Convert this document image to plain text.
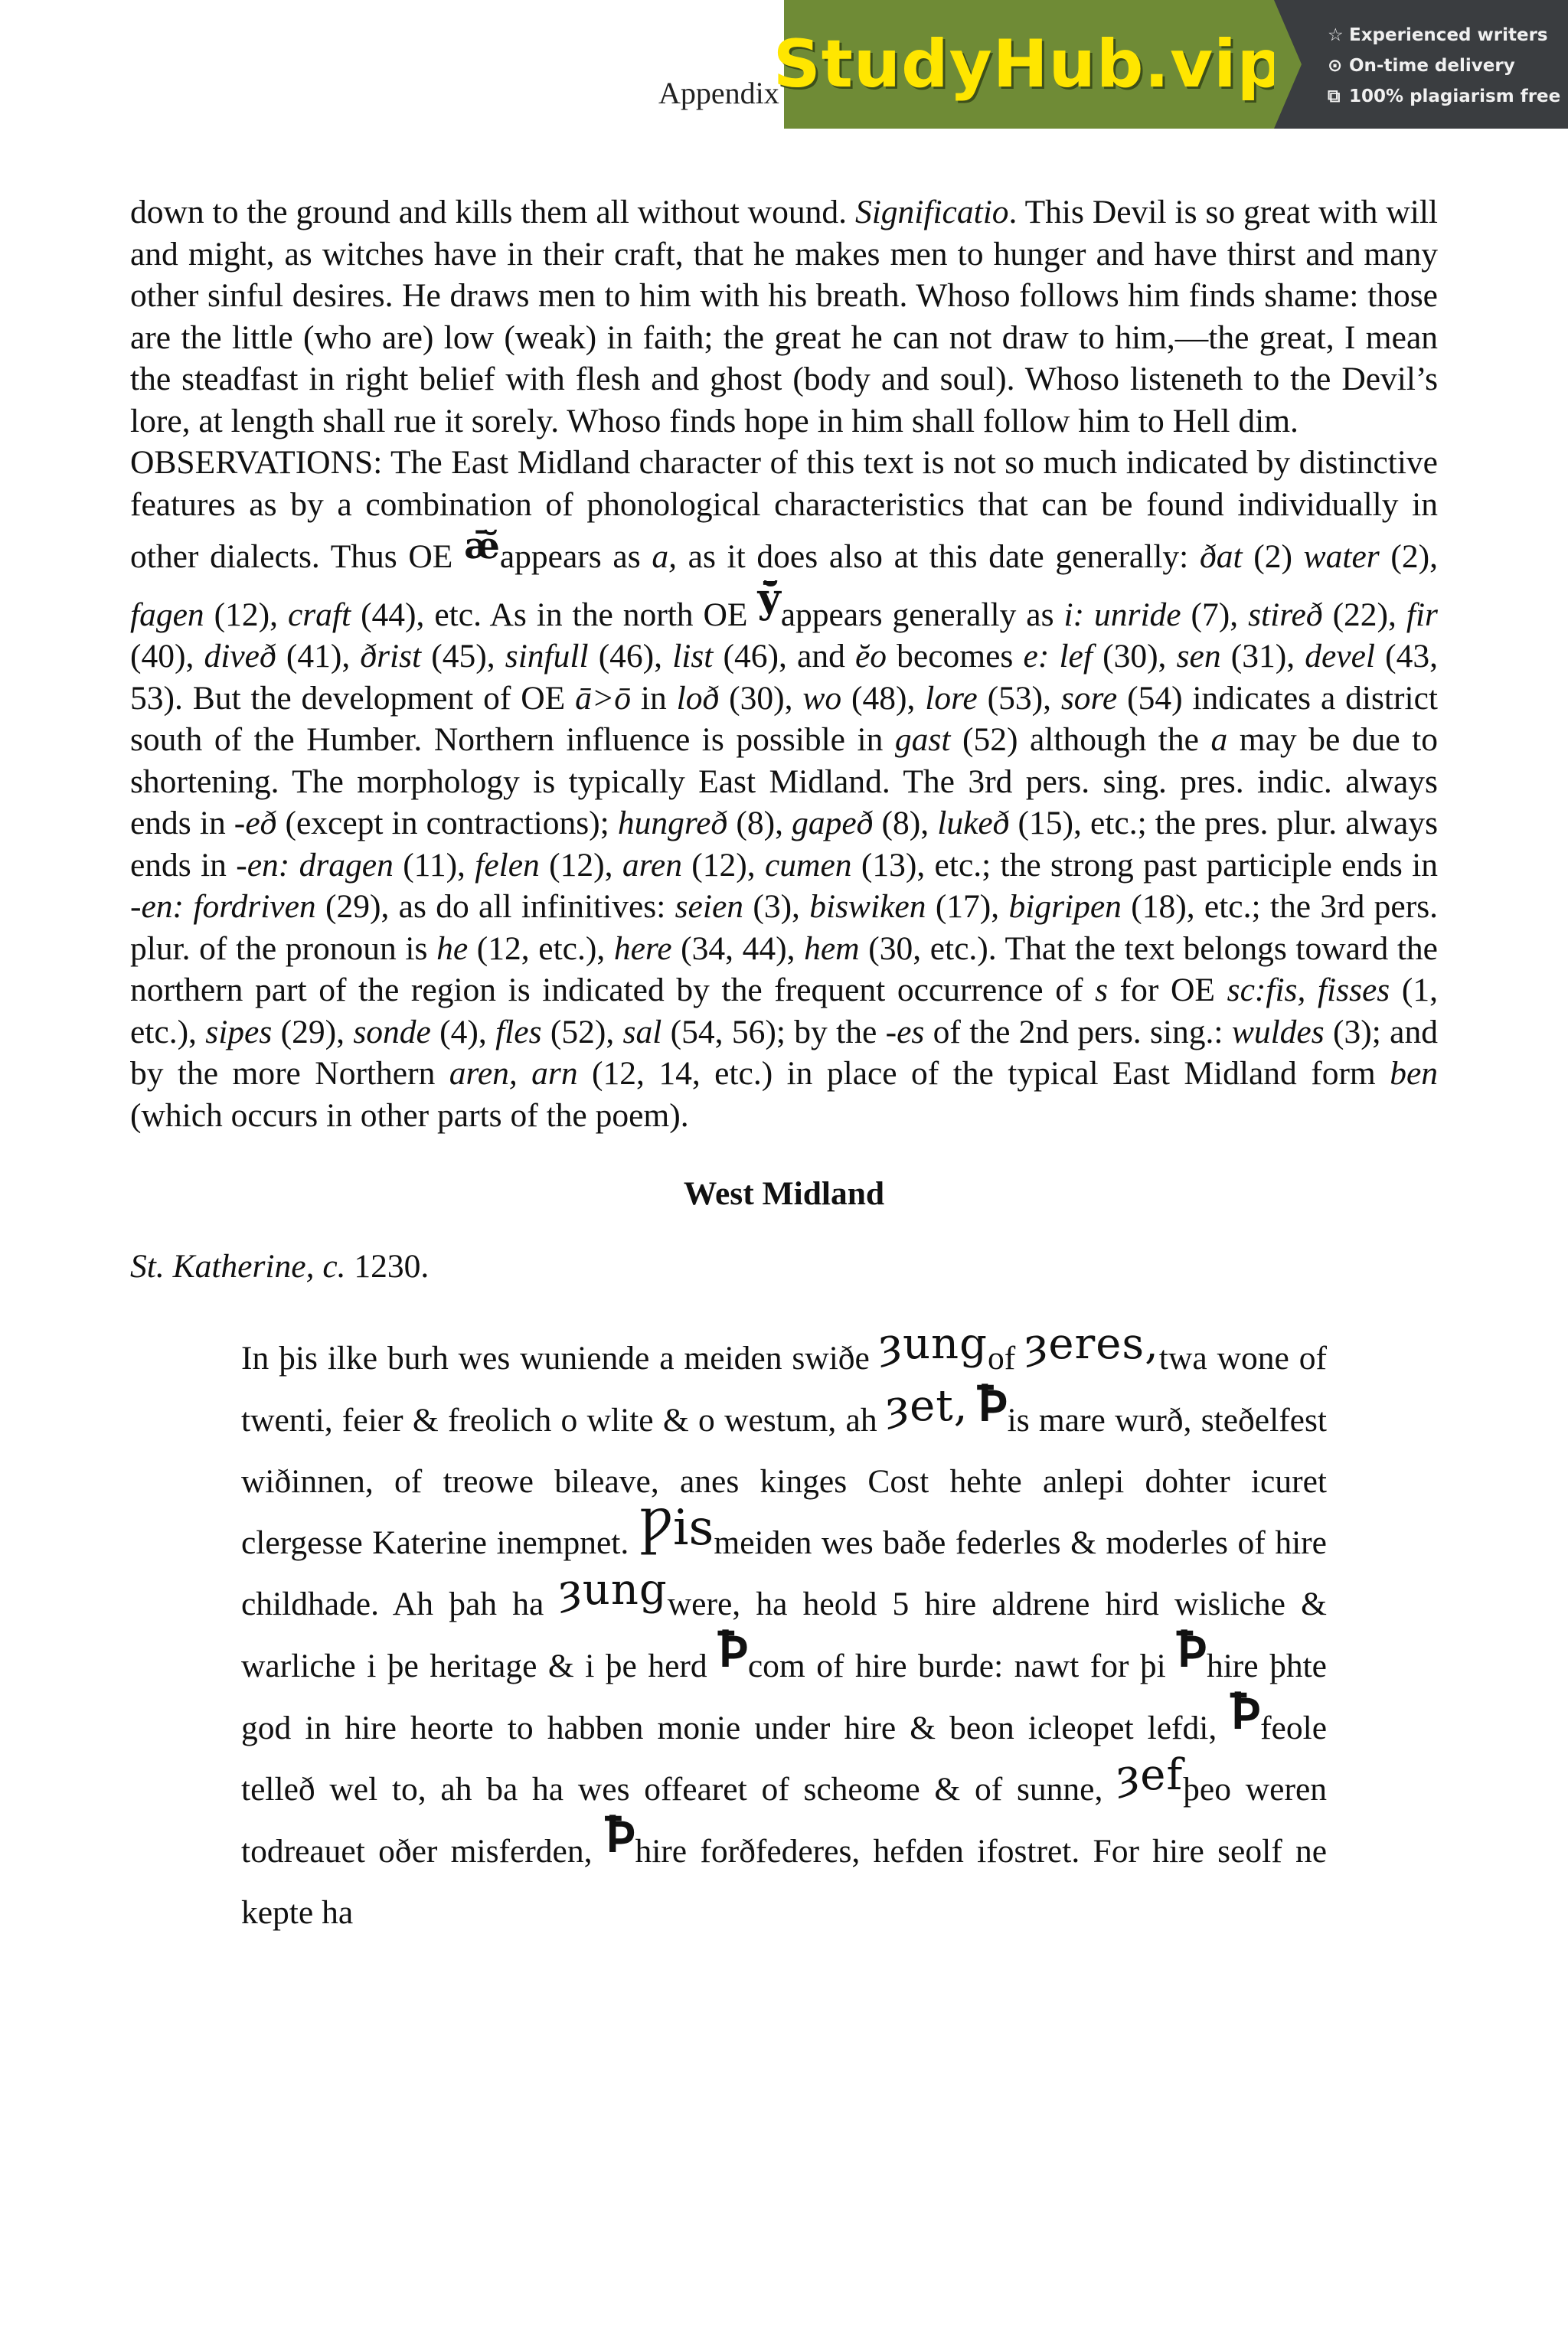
Appendix
StudyHub.vip ☆ Experienced writers
⊙ On-time delivery
⧉ 100% plagiarism free

down to the ground and kills them all without wound. Significatio. This Devil is so great with will and might, as witches have in their craft, that he makes men to hunger and have thirst and many other sinful desires. He draws men to him with his breath. Whoso follows him finds shame: those are the little (who are) low (weak) in faith; the great he can not draw to him,—the great, I mean the steadfast in right belief with flesh and ghost (body and soul). Whoso listeneth to the Devil’s lore, at length shall rue it sorely. Whoso finds hope in him shall follow him to Hell dim.

OBSERVATIONS: The East Midland character of this text is not so much indicated by distinctive features as by a combination of phonological characteristics that can be found individually in other dialects. Thus OE ǣ̆appears as a, as it does also at this date generally: ðat (2) water (2), fagen (12), craft (44), etc. As in the north OE ȳ̆appears generally as i: unride (7), stireð (22), fir (40), diveð (41), ðrist (45), sinfull (46), list (46), and ĕo becomes e: lef (30), sen (31), devel (43, 53). But the development of OE ā>ō in loð (30), wo (48), lore (53), sore (54) indicates a district south of the Humber. Northern influence is possible in gast (52) although the a may be due to shortening. The morphology is typically East Midland. The 3rd pers. sing. pres. indic. always ends in -eð (except in contractions); hungreð (8), gapeð (8), lukeð (15), etc.; the pres. plur. always ends in -en: dragen (11), felen (12), aren (12), cumen (13), etc.; the strong past participle ends in -en: fordriven (29), as do all infinitives: seien (3), biswiken (17), bigripen (18), etc.; the 3rd pers. plur. of the pronoun is he (12, etc.), here (34, 44), hem (30, etc.). That the text belongs toward the northern part of the region is indicated by the frequent occurrence of s for OE sc:fis, fisses (1, etc.), sipes (29), sonde (4), fles (52), sal (54, 56); by the -es of the 2nd pers. sing.: wuldes (3); and by the more Northern aren, arn (12, 14, etc.) in place of the typical East Midland form ben (which occurs in other parts of the poem).

West Midland
St. Katherine, c. 1230.

In þis ilke burh wes wuniende a meiden swiðe ȝungof ȝeres,twa wone of twenti, feier & freolich o wlite & o westum, ah ȝet, Ꝥis mare wurð, steðelfest wiðinnen, of treowe bileave, anes kinges Cost hehte anlepi dohter icuret clergesse Katerine inempnet. Ƿismeiden wes baðe federles & moderles of hire childhade. Ah þah ha ȝungwere, ha heold 5 hire aldrene hird wisliche & warliche i þe heritage & i þe herd Ꝥcom of hire burde: nawt for þi Ꝥhire þhte god in hire heorte to habben monie under hire & beon icleopet lefdi, Ꝥfeole telleð wel to, ah ba ha wes offearet of scheome & of sunne, ȝefþeo weren todreauet oðer misferden, Ꝥhire forðfederes, hefden ifostret. For hire seolf ne kepte ha
